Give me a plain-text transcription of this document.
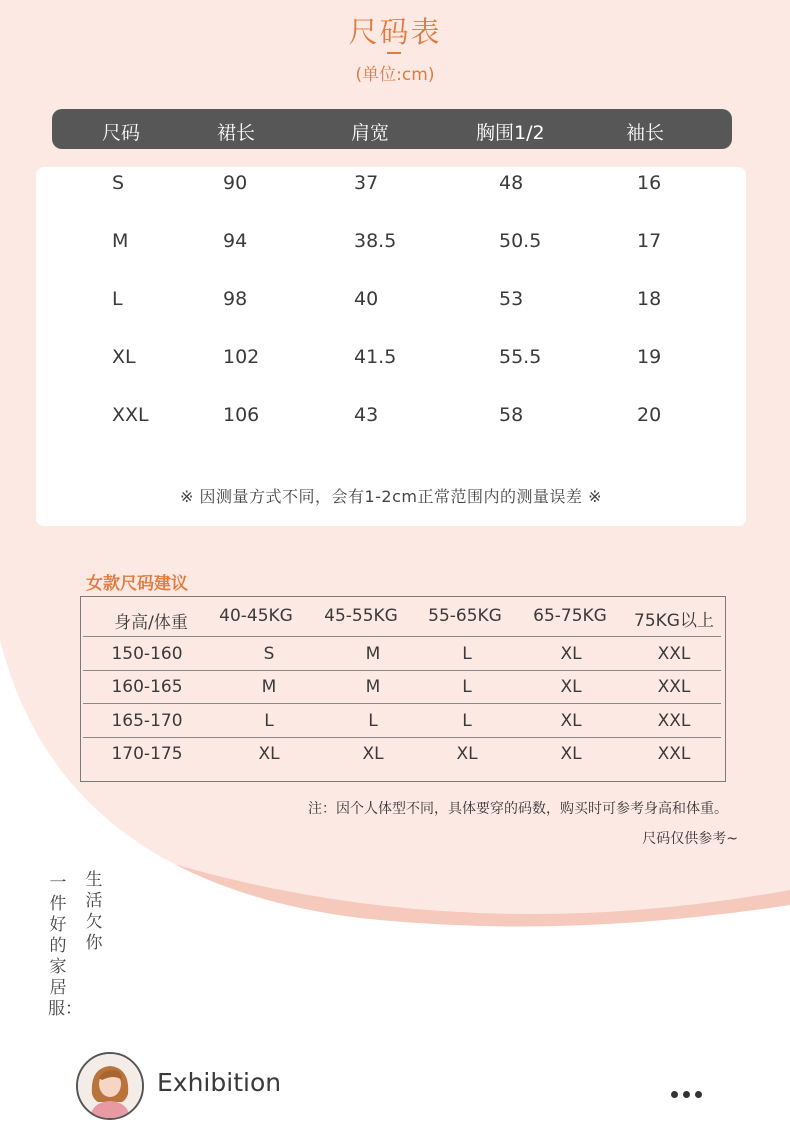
尺码表
(单位:cm)
尺码	裙长	肩宽	胸围1/2	袖长
S	90	37	48	16
M	94	38.5	50.5	17
L	98	40	53	18
XL	102	41.5	55.5	19
XXL	106	43	58	20
※ 因测量方式不同，会有1-2cm正常范围内的测量误差 ※
女款尺码建议
身高/体重	40-45KG	45-55KG	55-65KG	65-75KG	75KG以上
150-160	S	M	L	XL	XXL
160-165	M	M	L	XL	XXL
165-170	L	L	L	XL	XXL
170-175	XL	XL	XL	XL	XXL
注：因个人体型不同，具体要穿的码数，购买时可参考身高和体重。
尺码仅供参考~
生活欠你
一件好的家居服：
Exhibition
